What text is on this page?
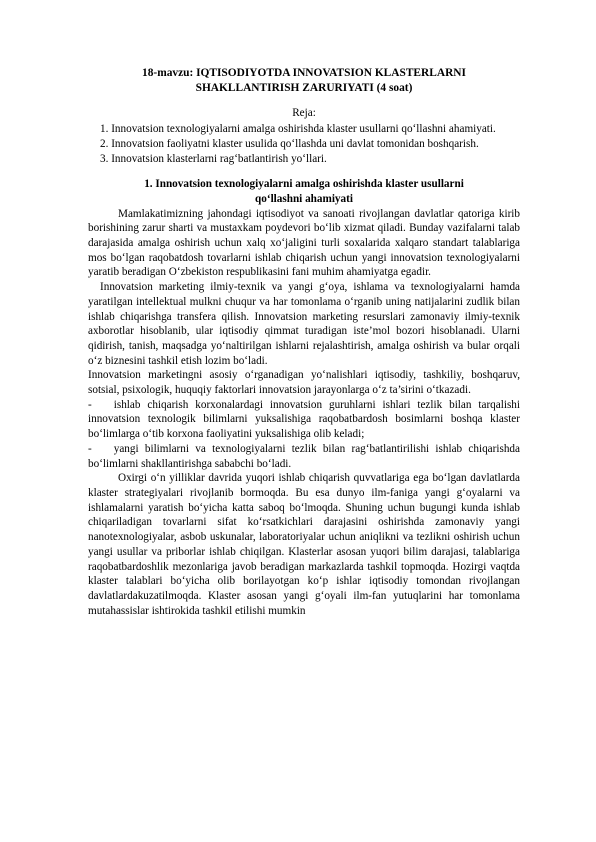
18-mavzu: IQTISODIYOTDA INNOVATSION KLASTERLARNI
SHAKLLANTIRISH ZARURIYATI (4 soat)
Reja:
1. Innovatsion texnologiyalarni amalga oshirishda klaster usullarni qo‘llashni ahamiyati.
2. Innovatsion faoliyatni klaster usulida qo‘llashda uni davlat tomonidan boshqarish.
3. Innovatsion klasterlarni rag‘batlantirish yo‘llari.
1. Innovatsion texnologiyalarni amalga oshirishda klaster usullarni
qo‘llashni ahamiyati

Mamlakatimizning jahondagi iqtisodiyot va sanoati rivojlangan davlatlar qatoriga kirib borishining zarur sharti va mustaxkam poydevori bo‘lib xizmat qiladi. Bunday vazifalarni talab darajasida amalga oshirish uchun xalq xo‘jaligini turli soxalarida xalqaro standart talablariga mos bo‘lgan raqobatdosh tovarlarni ishlab chiqarish uchun yangi innovatsion texnologiyalarni yaratib beradigan O‘zbekiston respublikasini fani muhim ahamiyatga egadir.

Innovatsion marketing ilmiy-texnik va yangi g‘oya, ishlama va texnologiyalarni hamda yaratilgan intellektual mulkni chuqur va har tomonlama o‘rganib uning natijalarini zudlik bilan ishlab chiqarishga transfera qilish. Innovatsion marketing resurslari zamonaviy ilmiy-texnik axborotlar hisoblanib, ular iqtisodiy qimmat turadigan iste’mol bozori hisoblanadi. Ularni qidirish, tanish, maqsadga yo‘naltirilgan ishlarni rejalashtirish, amalga oshirish va bular orqali o‘z biznesini tashkil etish lozim bo‘ladi.

Innovatsion marketingni asosiy o‘rganadigan yo‘nalishlari iqtisodiy, tashkiliy, boshqaruv, sotsial, psixologik, huquqiy faktorlari innovatsion jarayonlarga o‘z ta’sirini o‘tkazadi.

- ishlab chiqarish korxonalardagi innovatsion guruhlarni ishlari tezlik bilan tarqalishi innovatsion texnologik bilimlarni yuksalishiga raqobatbardosh bosimlarni boshqa klaster bo‘limlarga o‘tib korxona faoliyatini yuksalishiga olib keladi;

- yangi bilimlarni va texnologiyalarni tezlik bilan rag‘batlantirilishi ishlab chiqarishda bo‘limlarni shakllantirishga sababchi bo‘ladi.

Oxirgi o‘n yilliklar davrida yuqori ishlab chiqarish quvvatlariga ega bo‘lgan davlatlarda klaster strategiyalari rivojlanib bormoqda. Bu esa dunyo ilm-faniga yangi g‘oyalarni va ishlamalarni yaratish bo‘yicha katta saboq bo‘lmoqda. Shuning uchun bugungi kunda ishlab chiqariladigan tovarlarni sifat ko‘rsatkichlari darajasini oshirishda zamonaviy yangi nanotexnologiyalar, asbob uskunalar, laboratoriyalar uchun aniqlikni va tezlikni oshirish uchun yangi usullar va priborlar ishlab chiqilgan. Klasterlar asosan yuqori bilim darajasi, talablariga raqobatbardoshlik mezonlariga javob beradigan markazlarda tashkil topmoqda. Hozirgi vaqtda klaster talablari bo‘yicha olib borilayotgan ko‘p ishlar iqtisodiy tomondan rivojlangan davlatlardakuzatilmoqda. Klaster asosan yangi g‘oyali ilm-fan yutuqlarini har tomonlama mutahassislar ishtirokida tashkil etilishi mumkin
